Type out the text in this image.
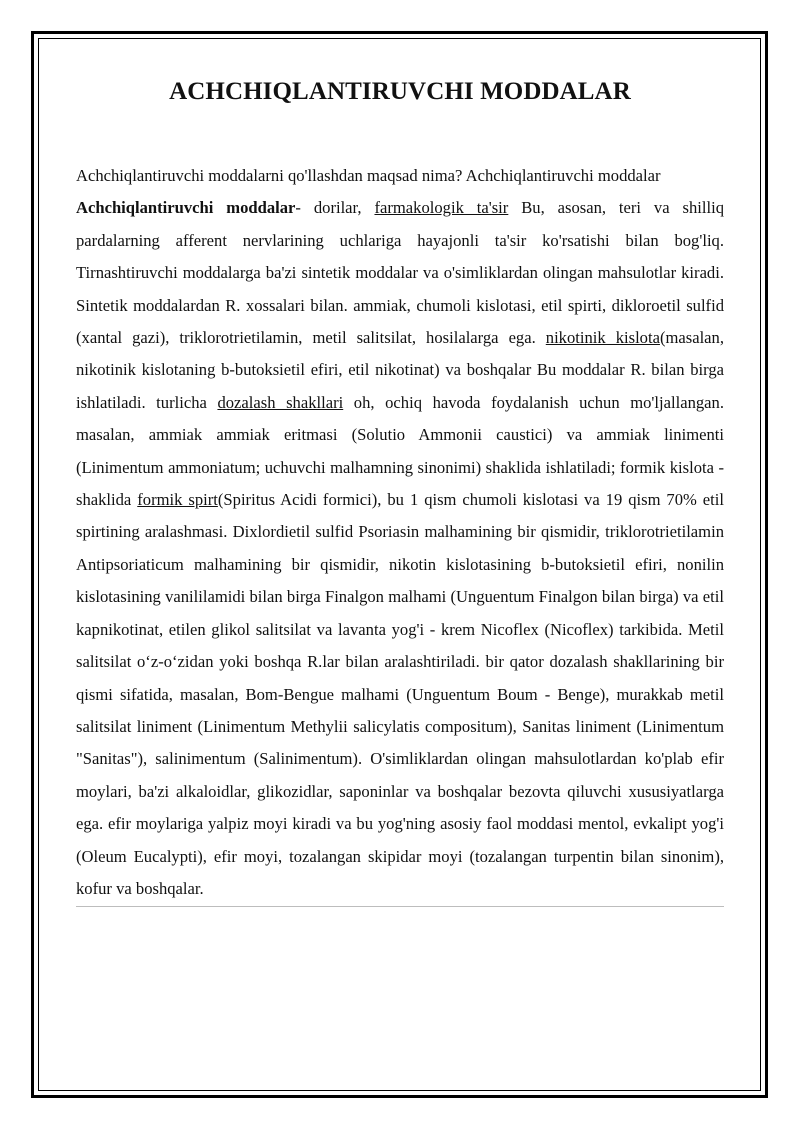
ACHCHIQLANTIRUVCHI MODDALAR

Achchiqlantiruvchi moddalarni qo'llashdan maqsad nima? Achchiqlantiruvchi moddalar

Achchiqlantiruvchi moddalar- dorilar, farmakologik ta'sir Bu, asosan, teri va shilliq pardalarning afferent nervlarining uchlariga hayajonli ta'sir ko'rsatishi bilan bog'liq. Tirnashtiruvchi moddalarga ba'zi sintetik moddalar va o'simliklardan olingan mahsulotlar kiradi. Sintetik moddalardan R. xossalari bilan. ammiak, chumoli kislotasi, etil spirti, dikloroetil sulfid (xantal gazi), triklorotrietilamin, metil salitsilat, hosilalarga ega. nikotinik kislota(masalan, nikotinik kislotaning b-butoksietil efiri, etil nikotinat) va boshqalar Bu moddalar R. bilan birga ishlatiladi. turlicha dozalash shakllari oh, ochiq havoda foydalanish uchun mo'ljallangan. masalan, ammiak ammiak eritmasi (Solutio Ammonii caustici) va ammiak linimenti (Linimentum ammoniatum; uchuvchi malhamning sinonimi) shaklida ishlatiladi; formik kislota - shaklida formik spirt(Spiritus Acidi formici), bu 1 qism chumoli kislotasi va 19 qism 70% etil spirtining aralashmasi. Dixlordietil sulfid Psoriasin malhamining bir qismidir, triklorotrietilamin Antipsoriaticum malhamining bir qismidir, nikotin kislotasining b-butoksietil efiri, nonilin kislotasining vanililamidi bilan birga Finalgon malhami (Unguentum Finalgon bilan birga) va etil kapnikotinat, etilen glikol salitsilat va lavanta yog'i - krem Nicoflex (Nicoflex) tarkibida. Metil salitsilat o‘z-o‘zidan yoki boshqa R.lar bilan aralashtiriladi. bir qator dozalash shakllarining bir qismi sifatida, masalan, Bom-Bengue malhami (Unguentum Boum - Benge), murakkab metil salitsilat liniment (Linimentum Methylii salicylatis compositum), Sanitas liniment (Linimentum "Sanitas"), salinimentum (Salinimentum). O'simliklardan olingan mahsulotlardan ko'plab efir moylari, ba'zi alkaloidlar, glikozidlar, saponinlar va boshqalar bezovta qiluvchi xususiyatlarga ega. efir moylariga yalpiz moyi kiradi va bu yog'ning asosiy faol moddasi mentol, evkalipt yog'i (Oleum Eucalypti), efir moyi, tozalangan skipidar moyi (tozalangan turpentin bilan sinonim), kofur va boshqalar.
